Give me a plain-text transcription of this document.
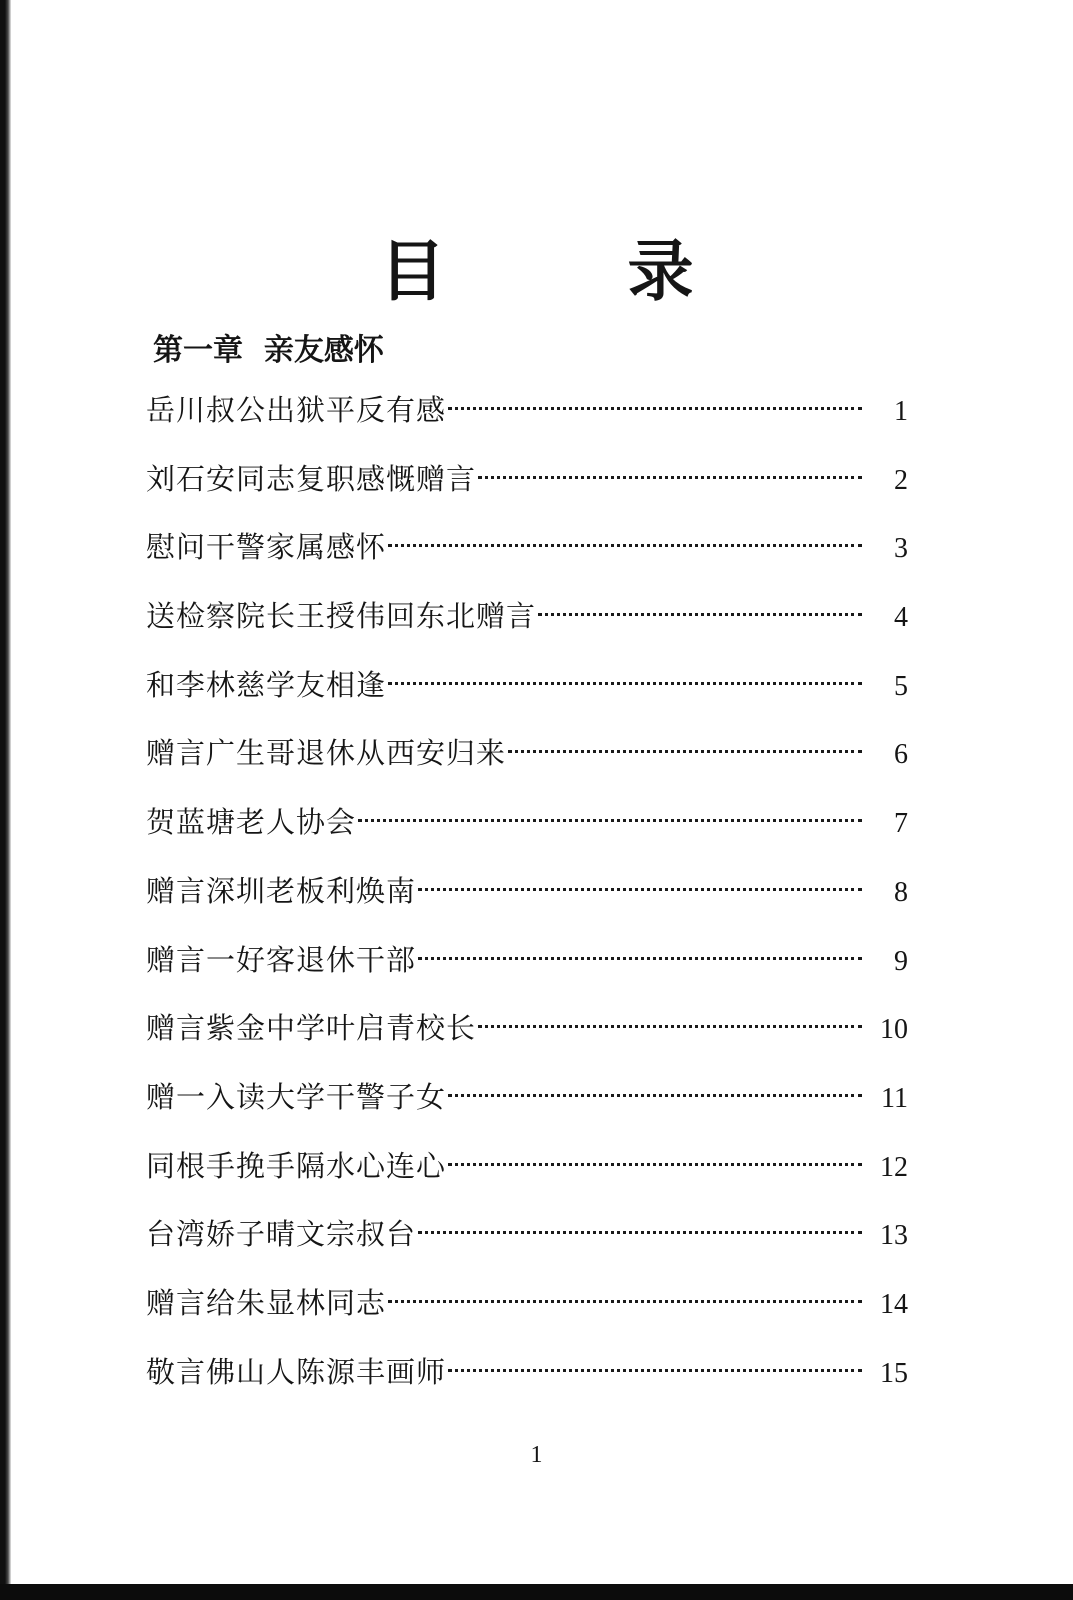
目　录
第一章  亲友感怀
岳川叔公出狱平反有感	1
刘石安同志复职感慨赠言	2
慰问干警家属感怀	3
送检察院长王授伟回东北赠言	4
和李林慈学友相逢	5
赠言广生哥退休从西安归来	6
贺蓝塘老人协会	7
赠言深圳老板利焕南	8
赠言一好客退休干部	9
赠言紫金中学叶启青校长	10
赠一入读大学干警子女	11
同根手挽手隔水心连心	12
台湾娇子晴文宗叔台	13
赠言给朱显林同志	14
敬言佛山人陈源丰画师	15
1
